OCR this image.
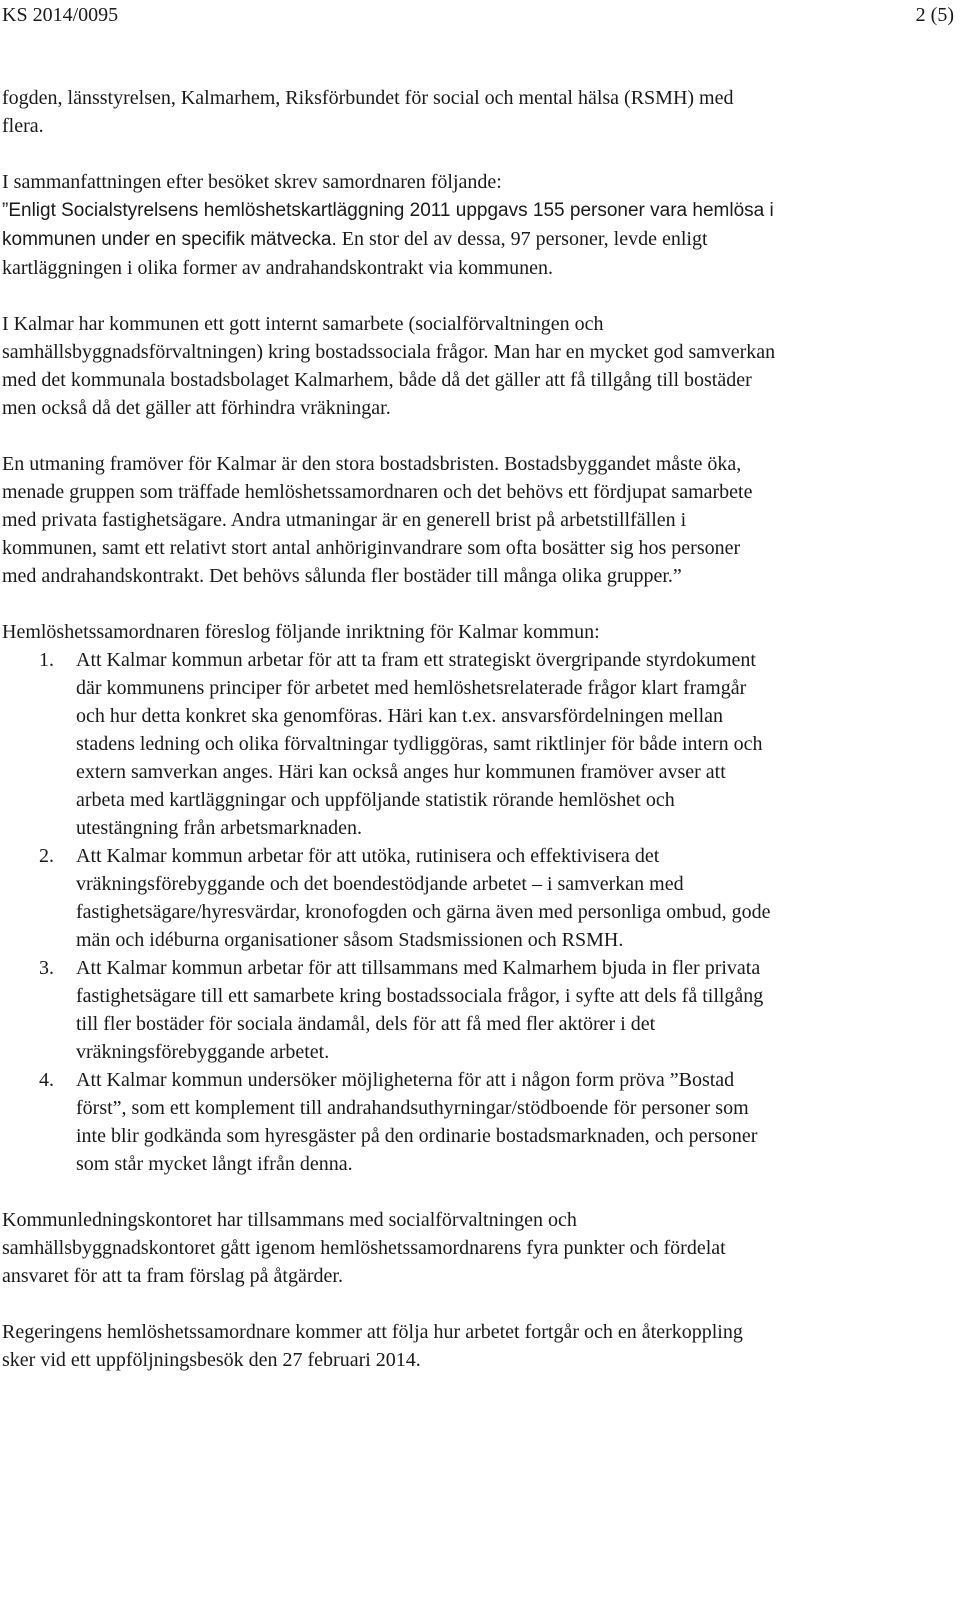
KS 2014/0095	2 (5)

fogden, länsstyrelsen, Kalmarhem, Riksförbundet för social och mental hälsa (RSMH) med flera.

I sammanfattningen efter besöket skrev samordnaren följande:

”Enligt Socialstyrelsens hemlöshetskartläggning 2011 uppgavs 155 personer vara hemlösa i kommunen under en specifik mätvecka. En stor del av dessa, 97 personer, levde enligt kartläggningen i olika former av andrahandskontrakt via kommunen.

I Kalmar har kommunen ett gott internt samarbete (socialförvaltningen och samhällsbyggnadsförvaltningen) kring bostadssociala frågor. Man har en mycket god samverkan med det kommunala bostadsbolaget Kalmarhem, både då det gäller att få tillgång till bostäder men också då det gäller att förhindra vräkningar.

En utmaning framöver för Kalmar är den stora bostadsbristen. Bostadsbyggandet måste öka, menade gruppen som träffade hemlöshetssamordnaren och det behövs ett fördjupat samarbete med privata fastighetsägare. Andra utmaningar är en generell brist på arbetstillfällen i kommunen, samt ett relativt stort antal anhöriginvandrare som ofta bosätter sig hos personer med andrahandskontrakt. Det behövs sålunda fler bostäder till många olika grupper.”

Hemlöshetssamordnaren föreslog följande inriktning för Kalmar kommun:

1. Att Kalmar kommun arbetar för att ta fram ett strategiskt övergripande styrdokument där kommunens principer för arbetet med hemlöshetsrelaterade frågor klart framgår och hur detta konkret ska genomföras. Häri kan t.ex. ansvarsfördelningen mellan stadens ledning och olika förvaltningar tydliggöras, samt riktlinjer för både intern och extern samverkan anges. Häri kan också anges hur kommunen framöver avser att arbeta med kartläggningar och uppföljande statistik rörande hemlöshet och utestängning från arbetsmarknaden.
2. Att Kalmar kommun arbetar för att utöka, rutinisera och effektivisera det vräkningsförebyggande och det boendestödjande arbetet – i samverkan med fastighetsägare/hyresvärdar, kronofogden och gärna även med personliga ombud, gode män och idéburna organisationer såsom Stadsmissionen och RSMH.
3. Att Kalmar kommun arbetar för att tillsammans med Kalmarhem bjuda in fler privata fastighetsägare till ett samarbete kring bostadssociala frågor, i syfte att dels få tillgång till fler bostäder för sociala ändamål, dels för att få med fler aktörer i det vräkningsförebyggande arbetet.
4. Att Kalmar kommun undersöker möjligheterna för att i någon form pröva ”Bostad först”, som ett komplement till andrahandsuthyrningar/stödboende för personer som inte blir godkända som hyresgäster på den ordinarie bostadsmarknaden, och personer som står mycket långt ifrån denna.

Kommunledningskontoret har tillsammans med socialförvaltningen och samhällsbyggnadskontoret gått igenom hemlöshetssamordnarens fyra punkter och fördelat ansvaret för att ta fram förslag på åtgärder.

Regeringens hemlöshetssamordnare kommer att följa hur arbetet fortgår och en återkoppling sker vid ett uppföljningsbesök den 27 februari 2014.
